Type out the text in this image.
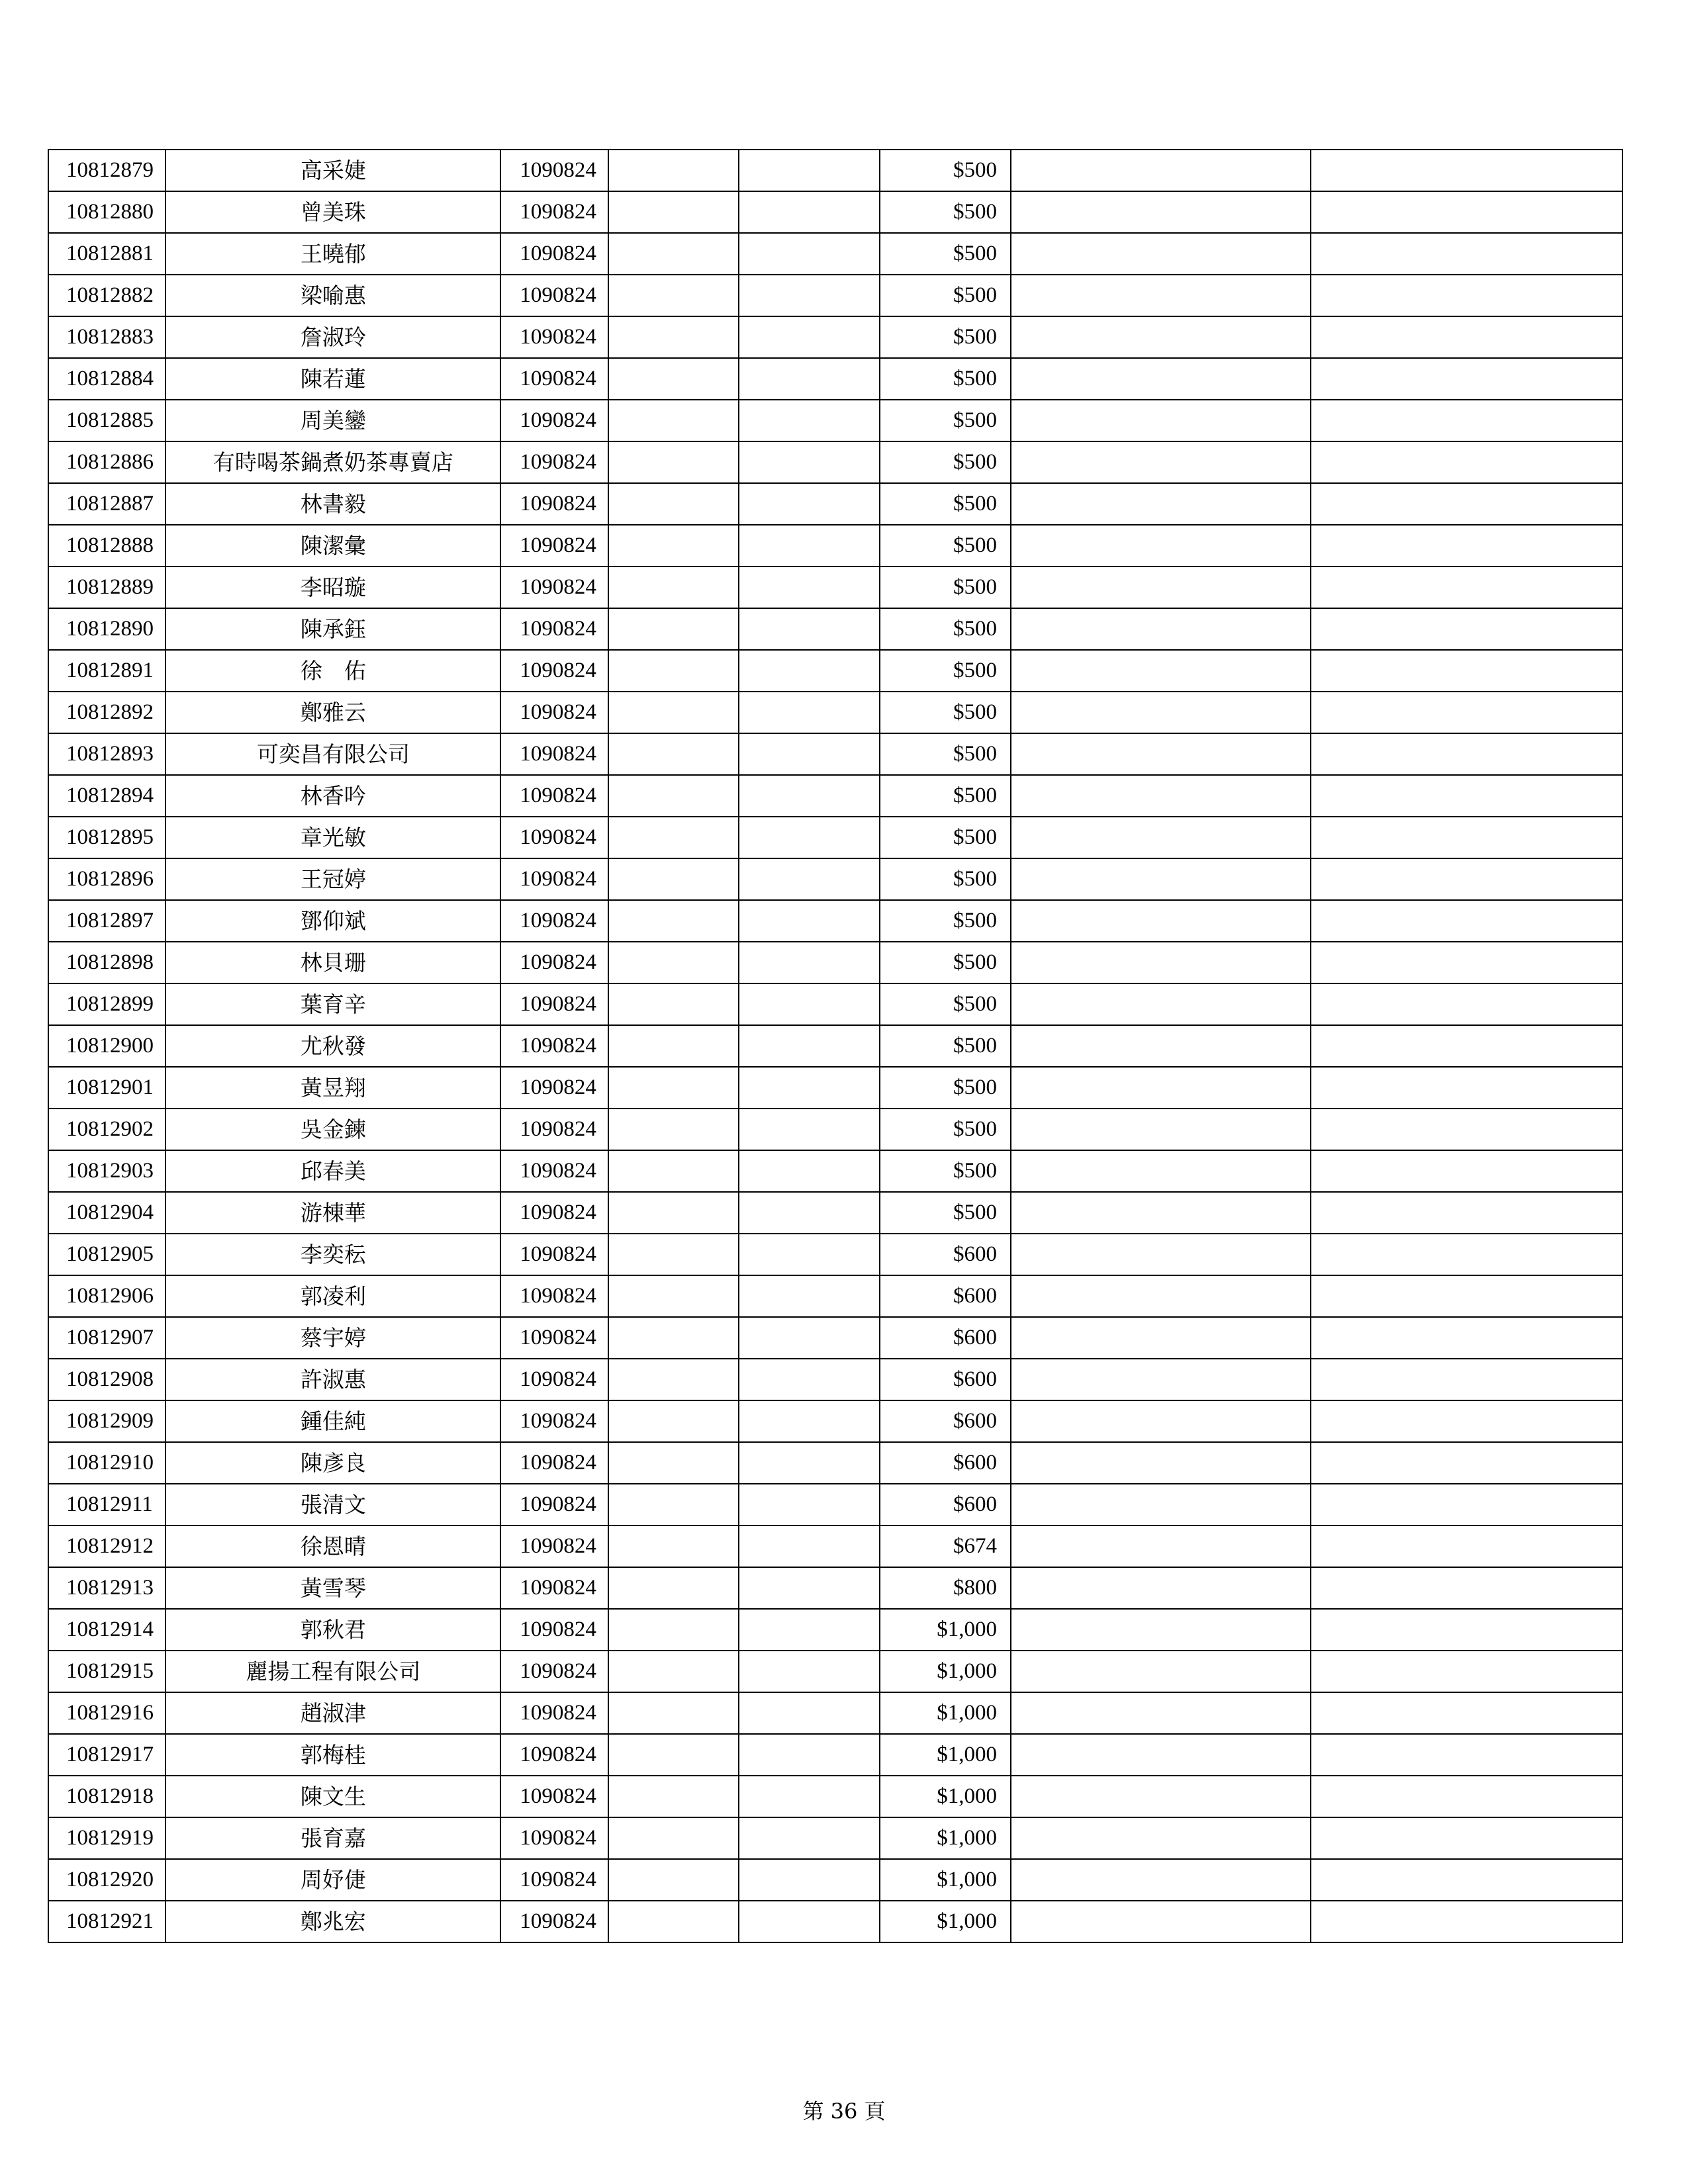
10812879	高采婕	1090824			$500		
10812880	曾美珠	1090824			$500		
10812881	王曉郁	1090824			$500		
10812882	梁喻惠	1090824			$500		
10812883	詹淑玲	1090824			$500		
10812884	陳若蓮	1090824			$500		
10812885	周美鑾	1090824			$500		
10812886	有時喝茶鍋煮奶茶專賣店	1090824			$500		
10812887	林書毅	1090824			$500		
10812888	陳潔彙	1090824			$500		
10812889	李昭璇	1090824			$500		
10812890	陳承鈺	1090824			$500		
10812891	徐　佑	1090824			$500		
10812892	鄭雅云	1090824			$500		
10812893	可奕昌有限公司	1090824			$500		
10812894	林香吟	1090824			$500		
10812895	章光敏	1090824			$500		
10812896	王冠婷	1090824			$500		
10812897	鄧仰斌	1090824			$500		
10812898	林貝珊	1090824			$500		
10812899	葉育辛	1090824			$500		
10812900	尤秋發	1090824			$500		
10812901	黃昱翔	1090824			$500		
10812902	吳金鍊	1090824			$500		
10812903	邱春美	1090824			$500		
10812904	游棟華	1090824			$500		
10812905	李奕秐	1090824			$600		
10812906	郭凌利	1090824			$600		
10812907	蔡宇婷	1090824			$600		
10812908	許淑惠	1090824			$600		
10812909	鍾佳純	1090824			$600		
10812910	陳彥良	1090824			$600		
10812911	張清文	1090824			$600		
10812912	徐恩晴	1090824			$674		
10812913	黃雪琴	1090824			$800		
10812914	郭秋君	1090824			$1,000		
10812915	麗揚工程有限公司	1090824			$1,000		
10812916	趙淑津	1090824			$1,000		
10812917	郭梅桂	1090824			$1,000		
10812918	陳文生	1090824			$1,000		
10812919	張育嘉	1090824			$1,000		
10812920	周妤倢	1090824			$1,000		
10812921	鄭兆宏	1090824			$1,000		
第 36 頁
